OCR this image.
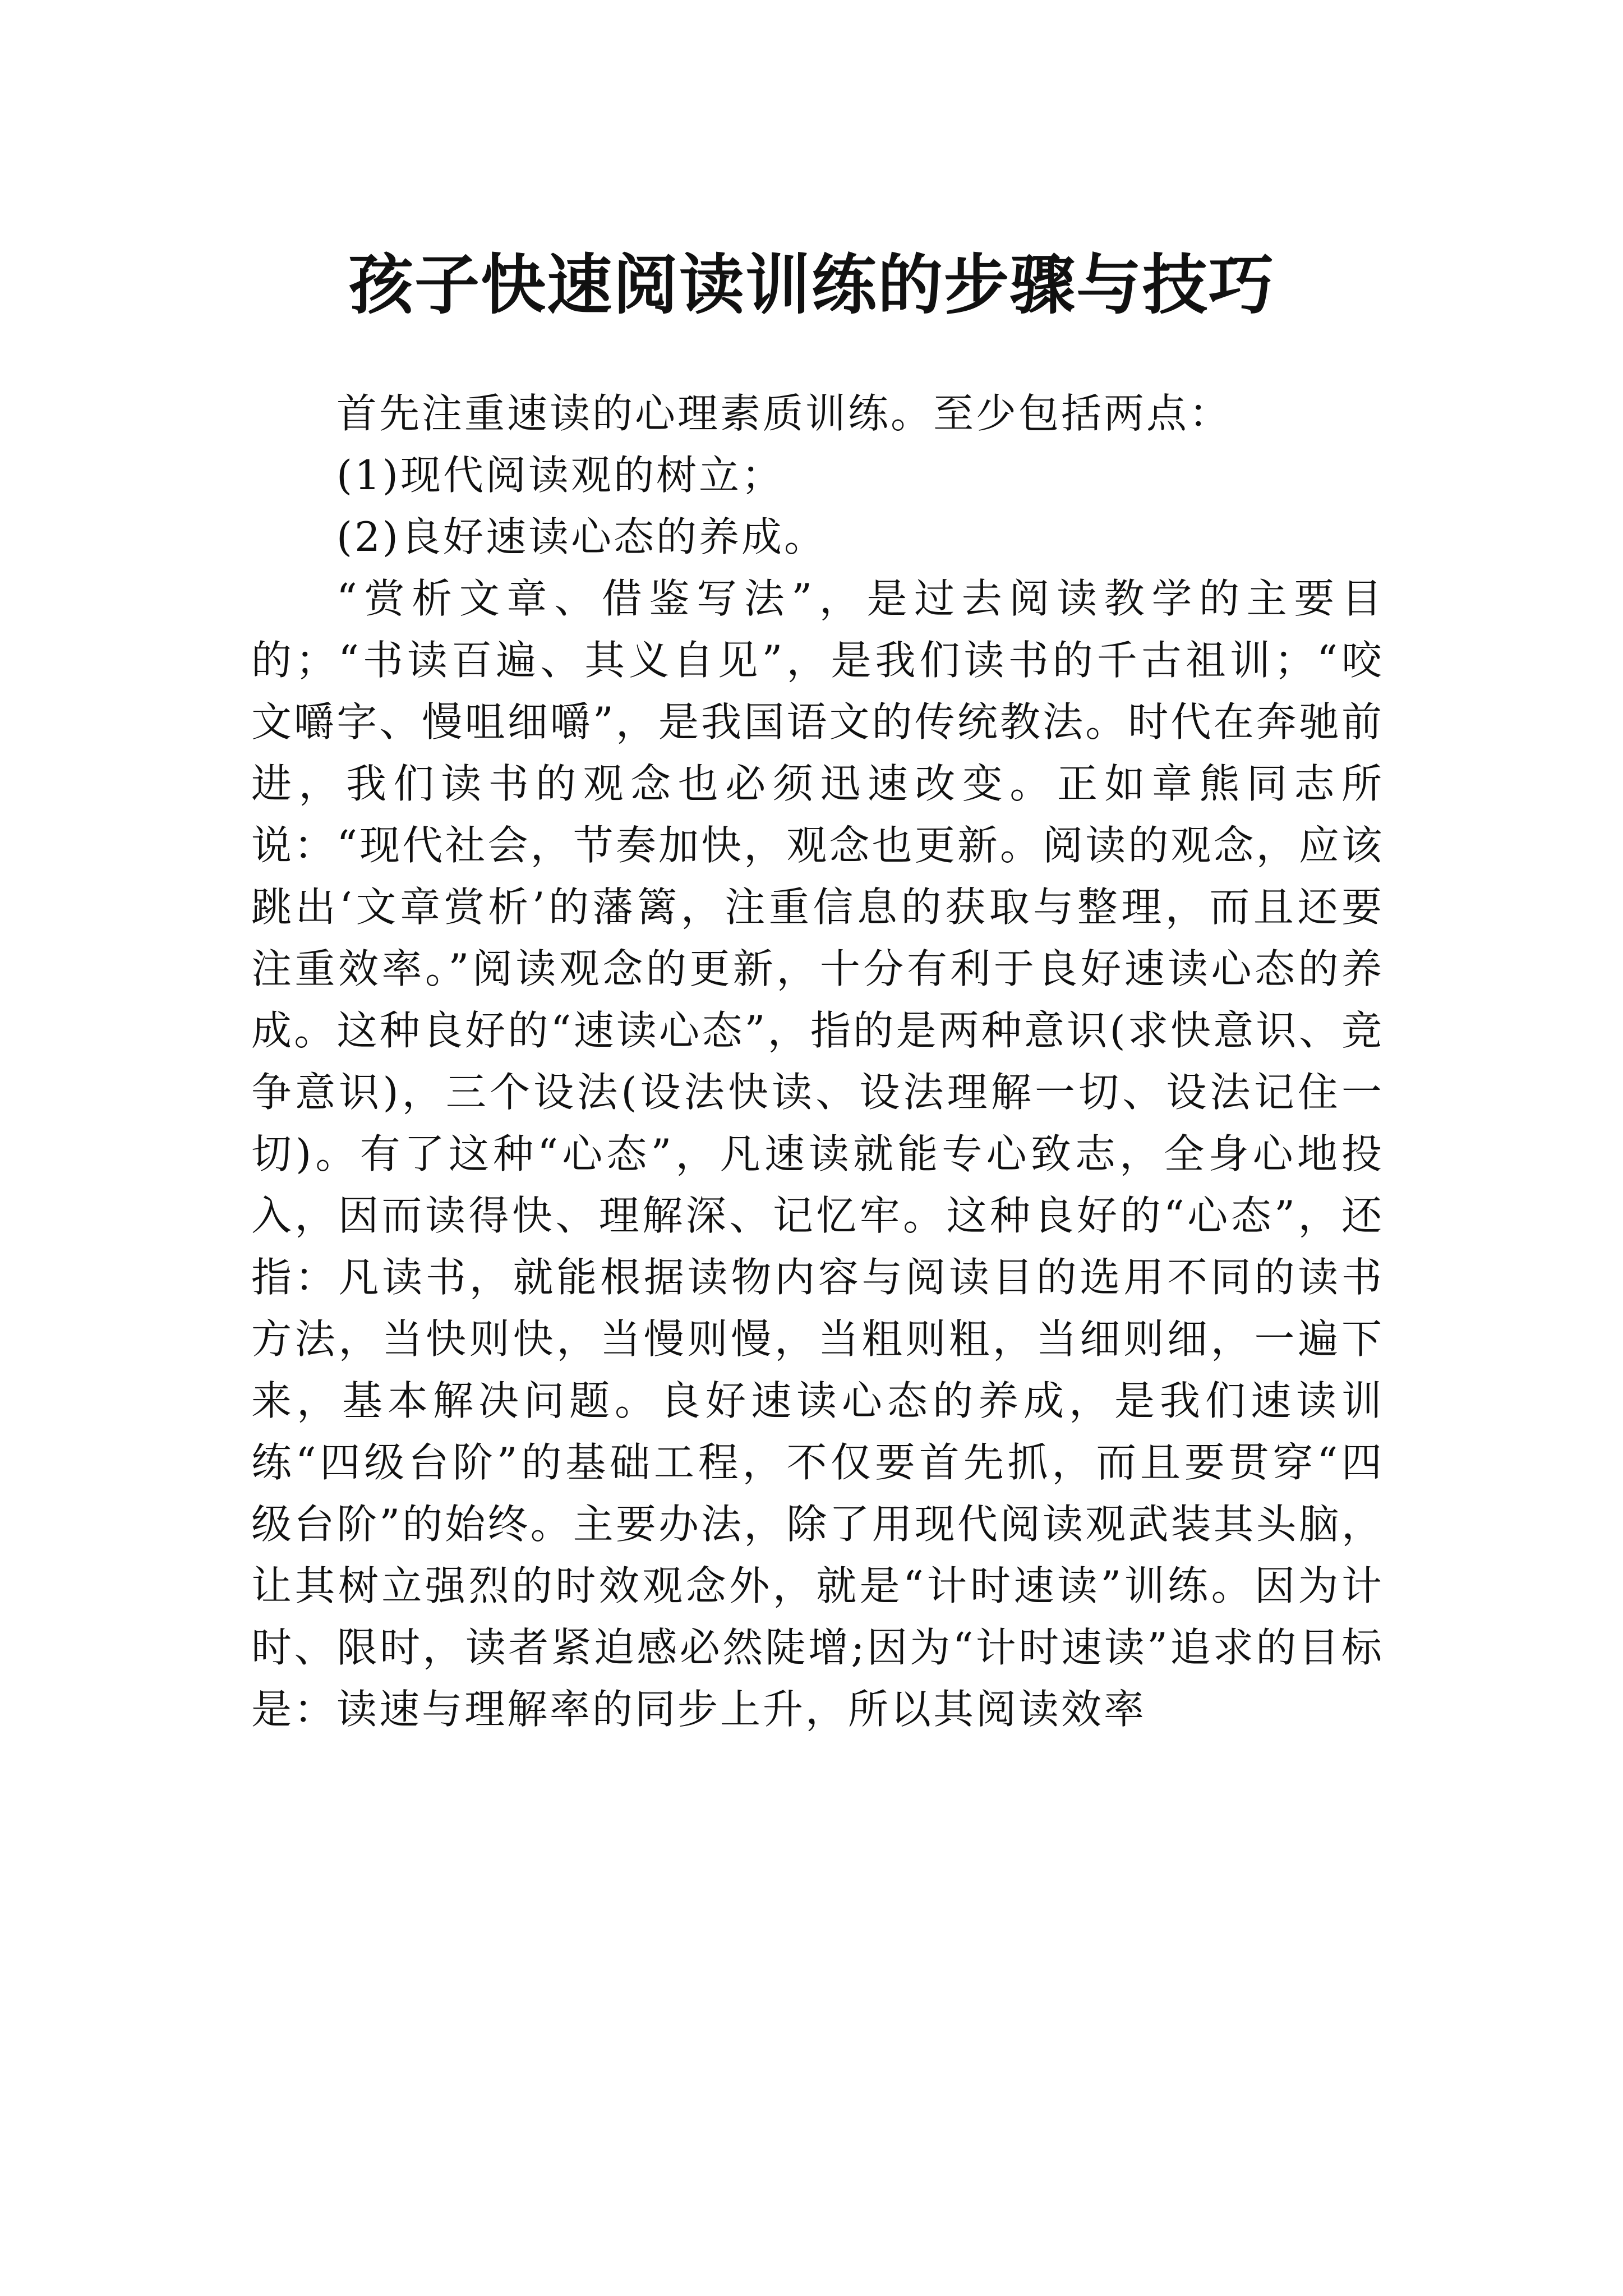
孩子快速阅读训练的步骤与技巧

首先注重速读的心理素质训练。至少包括两点：

(1)现代阅读观的树立；

(2)良好速读心态的养成。

“赏析文章、借鉴写法”，是过去阅读教学的主要目的；“书读百遍、其义自见”，是我们读书的千古祖训；“咬文嚼字、慢咀细嚼”，是我国语文的传统教法。时代在奔驰前进，我们读书的观念也必须迅速改变。正如章熊同志所说：“现代社会，节奏加快，观念也更新。阅读的观念，应该跳出‘文章赏析’的藩篱，注重信息的获取与整理，而且还要注重效率。”阅读观念的更新，十分有利于良好速读心态的养成。这种良好的“速读心态”，指的是两种意识(求快意识、竞争意识)，三个设法(设法快读、设法理解一切、设法记住一切)。有了这种“心态”，凡速读就能专心致志，全身心地投入，因而读得快、理解深、记忆牢。这种良好的“心态”，还指：凡读书，就能根据读物内容与阅读目的选用不同的读书方法，当快则快，当慢则慢，当粗则粗，当细则细，一遍下来，基本解决问题。良好速读心态的养成，是我们速读训练“四级台阶”的基础工程，不仅要首先抓，而且要贯穿“四级台阶”的始终。主要办法，除了用现代阅读观武装其头脑，让其树立强烈的时效观念外，就是“计时速读”训练。因为计时、限时，读者紧迫感必然陡增;因为“计时速读”追求的目标是：读速与理解率的同步上升，所以其阅读效率
